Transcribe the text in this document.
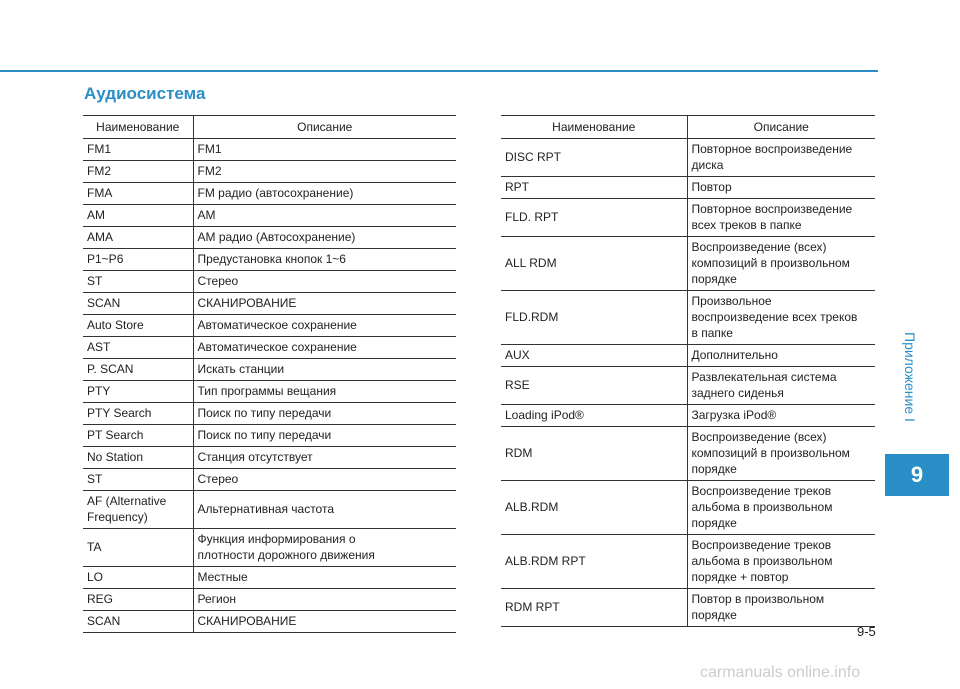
Аудиосистема
Наименование	Описание
FM1	FM1
FM2	FM2
FMA	FM радио (автосохранение)
AM	AM
AMA	AM радио (Автосохранение)
P1~P6	Предустановка кнопок 1~6
ST	Стерео
SCAN	СКАНИРОВАНИЕ
Auto Store	Автоматическое сохранение
AST	Автоматическое сохранение
P. SCAN	Искать станции
PTY	Тип программы вещания
PTY Search	Поиск по типу передачи
PT Search	Поиск по типу передачи
No Station	Станция отсутствует
ST	Стерео
AF (Alternative
Frequency)	Альтернативная частота
TA	Функция информирования о
плотности дорожного движения
LO	Местные
REG	Регион
SCAN	СКАНИРОВАНИЕ
Наименование	Описание
DISC RPT	Повторное воспроизведение
диска
RPT	Повтор
FLD. RPT	Повторное воспроизведение
всех треков в папке
ALL RDM	Воспроизведение (всех)
композиций в произвольном
порядке
FLD.RDM	Произвольное
воспроизведение всех треков
в папке
AUX	Дополнительно
RSE	Развлекательная система
заднего сиденья
Loading iPod®	Загрузка iPod®
RDM	Воспроизведение (всех)
композиций в произвольном
порядке
ALB.RDM	Воспроизведение треков
альбома в произвольном
порядке
ALB.RDM RPT	Воспроизведение треков
альбома в произвольном
порядке + повтор
RDM RPT	Повтор в произвольном порядке
Приложение I
9
9-5
carmanuals online.info
